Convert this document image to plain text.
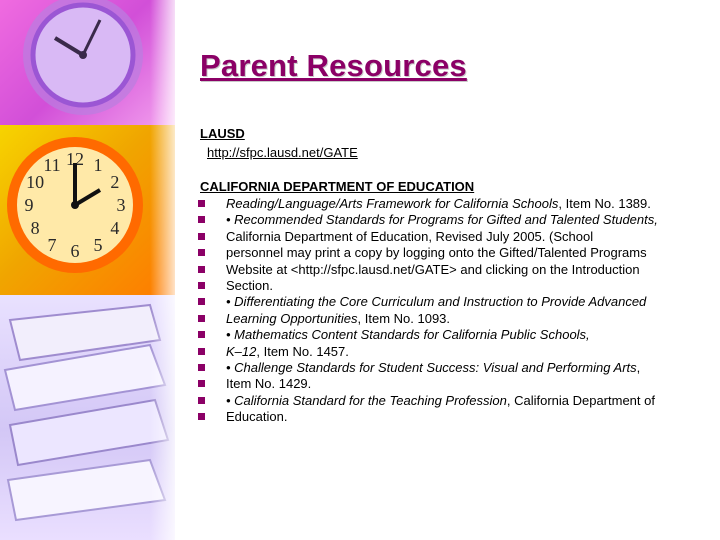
12 1
2
3
4
5
6
7
8
9
10
11
Parent Resources
LAUSD
http://sfpc.lausd.net/GATE
CALIFORNIA DEPARTMENT OF EDUCATION
Reading/Language/Arts Framework for California Schools, Item No. 1389.
• Recommended Standards for Programs for Gifted and Talented Students,
California Department of Education, Revised July 2005. (School
personnel may print a copy by logging onto the Gifted/Talented Programs
Website at <http://sfpc.lausd.net/GATE> and clicking on the Introduction
Section.
• Differentiating the Core Curriculum and Instruction to Provide Advanced
Learning Opportunities, Item No. 1093.
• Mathematics Content Standards for California Public Schools,
K–12, Item No. 1457.
• Challenge Standards for Student Success: Visual and Performing Arts,
Item No. 1429.
• California Standard for the Teaching Profession, California Department of
Education.
